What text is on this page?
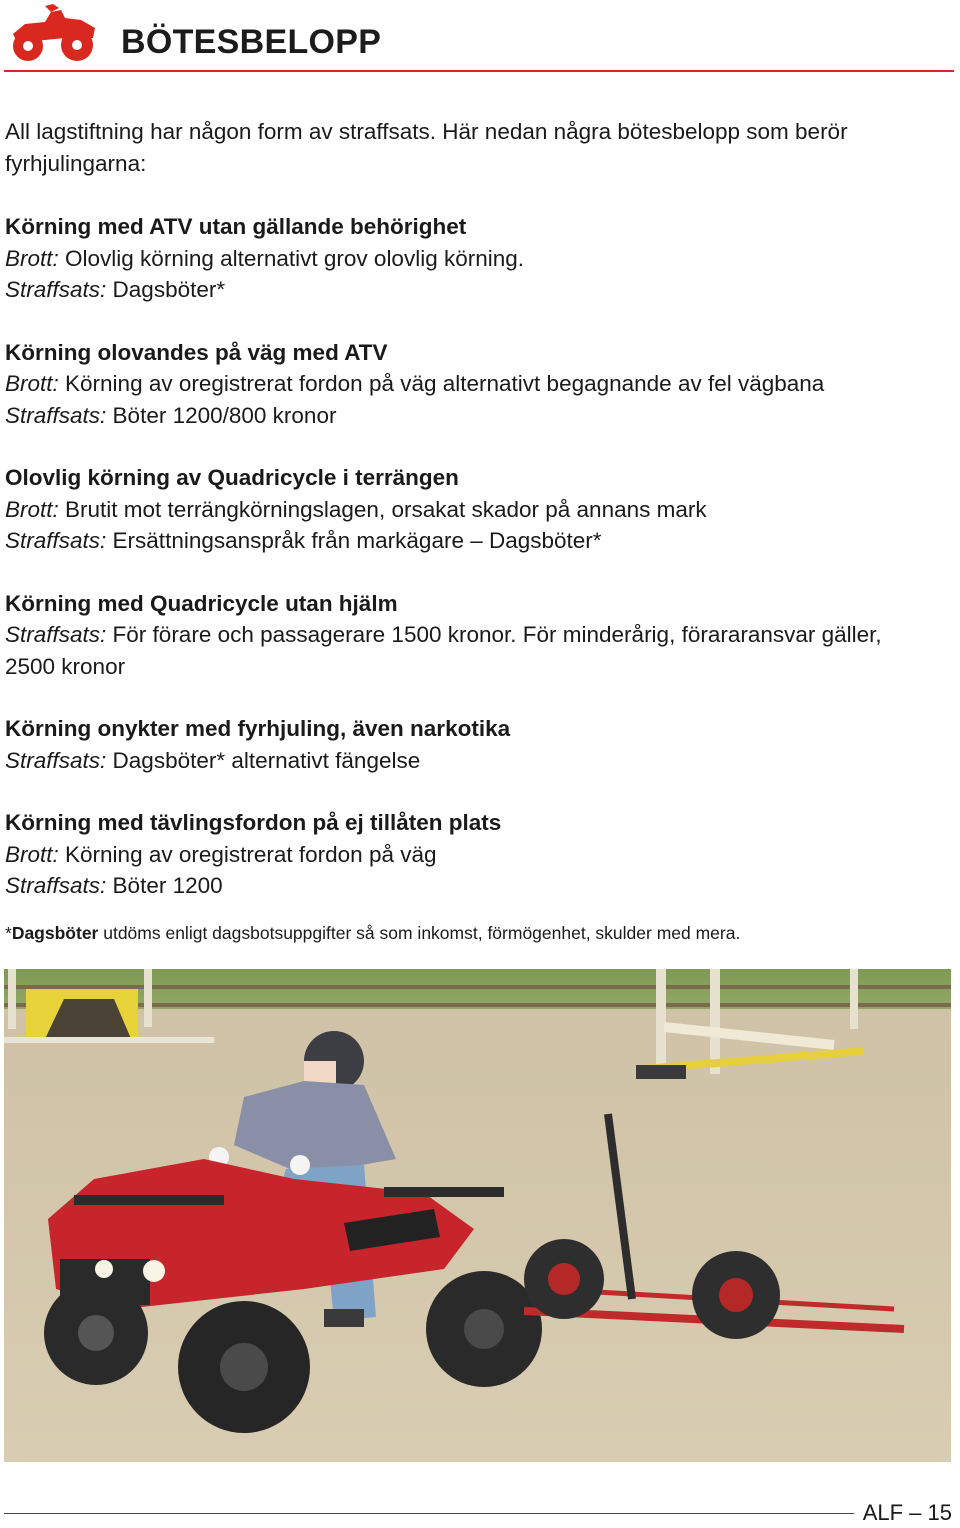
BÖTESBELOPP

All lagstiftning har någon form av straffsats. Här nedan några bötesbelopp som berör fyrhjulingarna:

Körning med ATV utan gällande behörighet
Brott: Olovlig körning alternativt grov olovlig körning.
Straffsats: Dagsböter*
Körning olovandes på väg med ATV
Brott: Körning av oregistrerat fordon på väg alternativt begagnande av fel vägbana
Straffsats: Böter 1200/800 kronor
Olovlig körning av Quadricycle i terrängen
Brott: Brutit mot terrängkörningslagen, orsakat skador på annans mark
Straffsats: Ersättningsanspråk från markägare – Dagsböter*
Körning med Quadricycle utan hjälm
Straffsats: För förare och passagerare 1500 kronor. För minderårig, förararansvar gäller, 2500 kronor
Körning onykter med fyrhjuling, även narkotika
Straffsats: Dagsböter* alternativt fängelse
Körning med tävlingsfordon på ej tillåten plats
Brott: Körning av oregistrerat fordon på väg
Straffsats: Böter 1200
*Dagsböter utdöms enligt dagsbotsuppgifter så som inkomst, förmögenhet, skulder med mera.
ALF – 15
